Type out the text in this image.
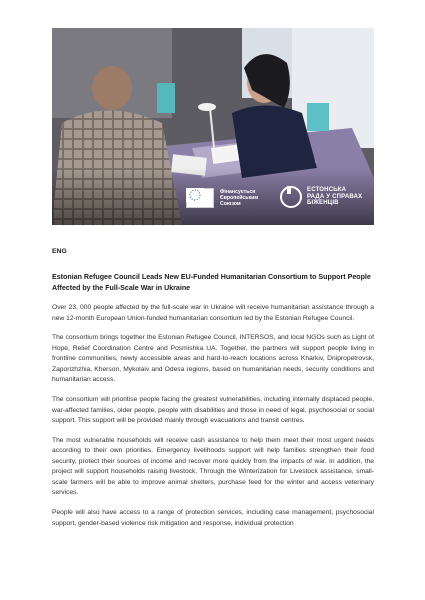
Фінансується
Європейським
Союзом
ЕСТОНСЬКА
РАДА У СПРАВАХ
БІЖЕНЦІВ
ENG
Estonian Refugee Council Leads New EU-Funded Humanitarian Consortium to Support People Affected by the Full-Scale War in Ukraine

Over 23, 000 people affected by the full-scale war in Ukraine will receive humanitarian assistance through a new 12-month European Union-funded humanitarian consortium led by the Estonian Refugee Council.

The consortium brings together the Estonian Refugee Council, INTERSOS, and local NGOs such as Light of Hope, Relief Coordination Centre and Posmishka UA. Together, the partners will support people living in frontline communities, newly accessible areas and hard-to-reach locations across Kharkiv, Dnipropetrovsk, Zaporizhzhia, Kherson, Mykolaiv and Odesa regions, based on humanitarian needs, security conditions and humanitarian access.

The consortium will prioritise people facing the greatest vulnerabilities, including internally displaced people, war-affected families, older people, people with disabilities and those in need of legal, psychosocial or social support. This support will be provided mainly through evacuations and transit centres.

The most vulnerable households will receive cash assistance to help them meet their most urgent needs according to their own priorities. Emergency livelihoods support will help families strengthen their food security, protect their sources of income and recover more quickly from the impacts of war. In addition, the project will support households raising livestock. Through the Winterization for Livestock assistance, small-scale farmers will be able to improve animal shelters, purchase feed for the winter and access veterinary services.

People will also have access to a range of protection services, including case management, psychosocial support, gender-based violence risk mitigation and response, individual protection
